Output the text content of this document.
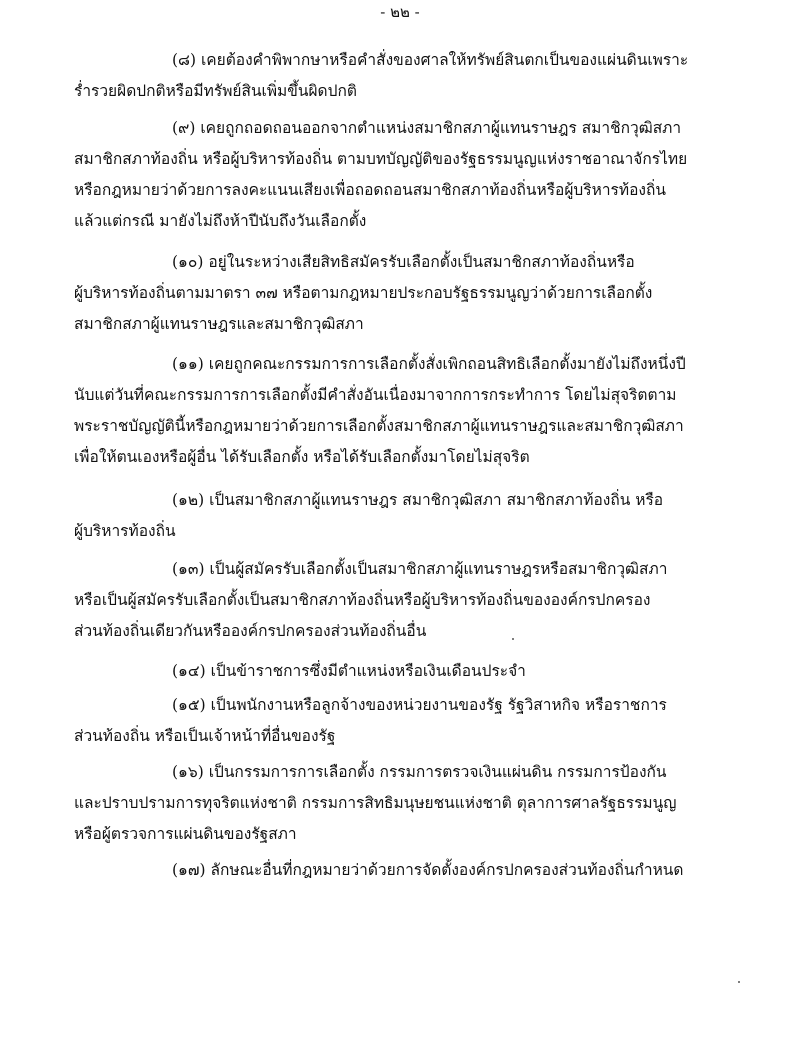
- ๒๒ -

(๘) เคยต้องคำพิพากษาหรือคำสั่งของศาลให้ทรัพย์สินตกเป็นของแผ่นดินเพราะ
ร่ำรวยผิดปกติหรือมีทรัพย์สินเพิ่มขึ้นผิดปกติ

(๙) เคยถูกถอดถอนออกจากตำแหน่งสมาชิกสภาผู้แทนราษฎร สมาชิกวุฒิสภา
สมาชิกสภาท้องถิ่น หรือผู้บริหารท้องถิ่น ตามบทบัญญัติของรัฐธรรมนูญแห่งราชอาณาจักรไทย
หรือกฎหมายว่าด้วยการลงคะแนนเสียงเพื่อถอดถอนสมาชิกสภาท้องถิ่นหรือผู้บริหารท้องถิ่น
แล้วแต่กรณี มายังไม่ถึงห้าปีนับถึงวันเลือกตั้ง

(๑๐) อยู่ในระหว่างเสียสิทธิสมัครรับเลือกตั้งเป็นสมาชิกสภาท้องถิ่นหรือ
ผู้บริหารท้องถิ่นตามมาตรา ๓๗ หรือตามกฎหมายประกอบรัฐธรรมนูญว่าด้วยการเลือกตั้ง
สมาชิกสภาผู้แทนราษฎรและสมาชิกวุฒิสภา

(๑๑) เคยถูกคณะกรรมการการเลือกตั้งสั่งเพิกถอนสิทธิเลือกตั้งมายังไม่ถึงหนึ่งปี
นับแต่วันที่คณะกรรมการการเลือกตั้งมีคำสั่งอันเนื่องมาจากการกระทำการ โดยไม่สุจริตตาม
พระราชบัญญัตินี้หรือกฎหมายว่าด้วยการเลือกตั้งสมาชิกสภาผู้แทนราษฎรและสมาชิกวุฒิสภา
เพื่อให้ตนเองหรือผู้อื่น ได้รับเลือกตั้ง หรือได้รับเลือกตั้งมาโดยไม่สุจริต

(๑๒) เป็นสมาชิกสภาผู้แทนราษฎร สมาชิกวุฒิสภา สมาชิกสภาท้องถิ่น หรือ
ผู้บริหารท้องถิ่น

(๑๓) เป็นผู้สมัครรับเลือกตั้งเป็นสมาชิกสภาผู้แทนราษฎรหรือสมาชิกวุฒิสภา
หรือเป็นผู้สมัครรับเลือกตั้งเป็นสมาชิกสภาท้องถิ่นหรือผู้บริหารท้องถิ่นขององค์กรปกครอง
ส่วนท้องถิ่นเดียวกันหรือองค์กรปกครองส่วนท้องถิ่นอื่น

(๑๔) เป็นข้าราชการซึ่งมีตำแหน่งหรือเงินเดือนประจำ

(๑๕) เป็นพนักงานหรือลูกจ้างของหน่วยงานของรัฐ รัฐวิสาหกิจ หรือราชการ
ส่วนท้องถิ่น หรือเป็นเจ้าหน้าที่อื่นของรัฐ

(๑๖) เป็นกรรมการการเลือกตั้ง กรรมการตรวจเงินแผ่นดิน กรรมการป้องกัน
และปราบปรามการทุจริตแห่งชาติ กรรมการสิทธิมนุษยชนแห่งชาติ ตุลาการศาลรัฐธรรมนูญ
หรือผู้ตรวจการแผ่นดินของรัฐสภา

(๑๗) ลักษณะอื่นที่กฎหมายว่าด้วยการจัดตั้งองค์กรปกครองส่วนท้องถิ่นกำหนด
